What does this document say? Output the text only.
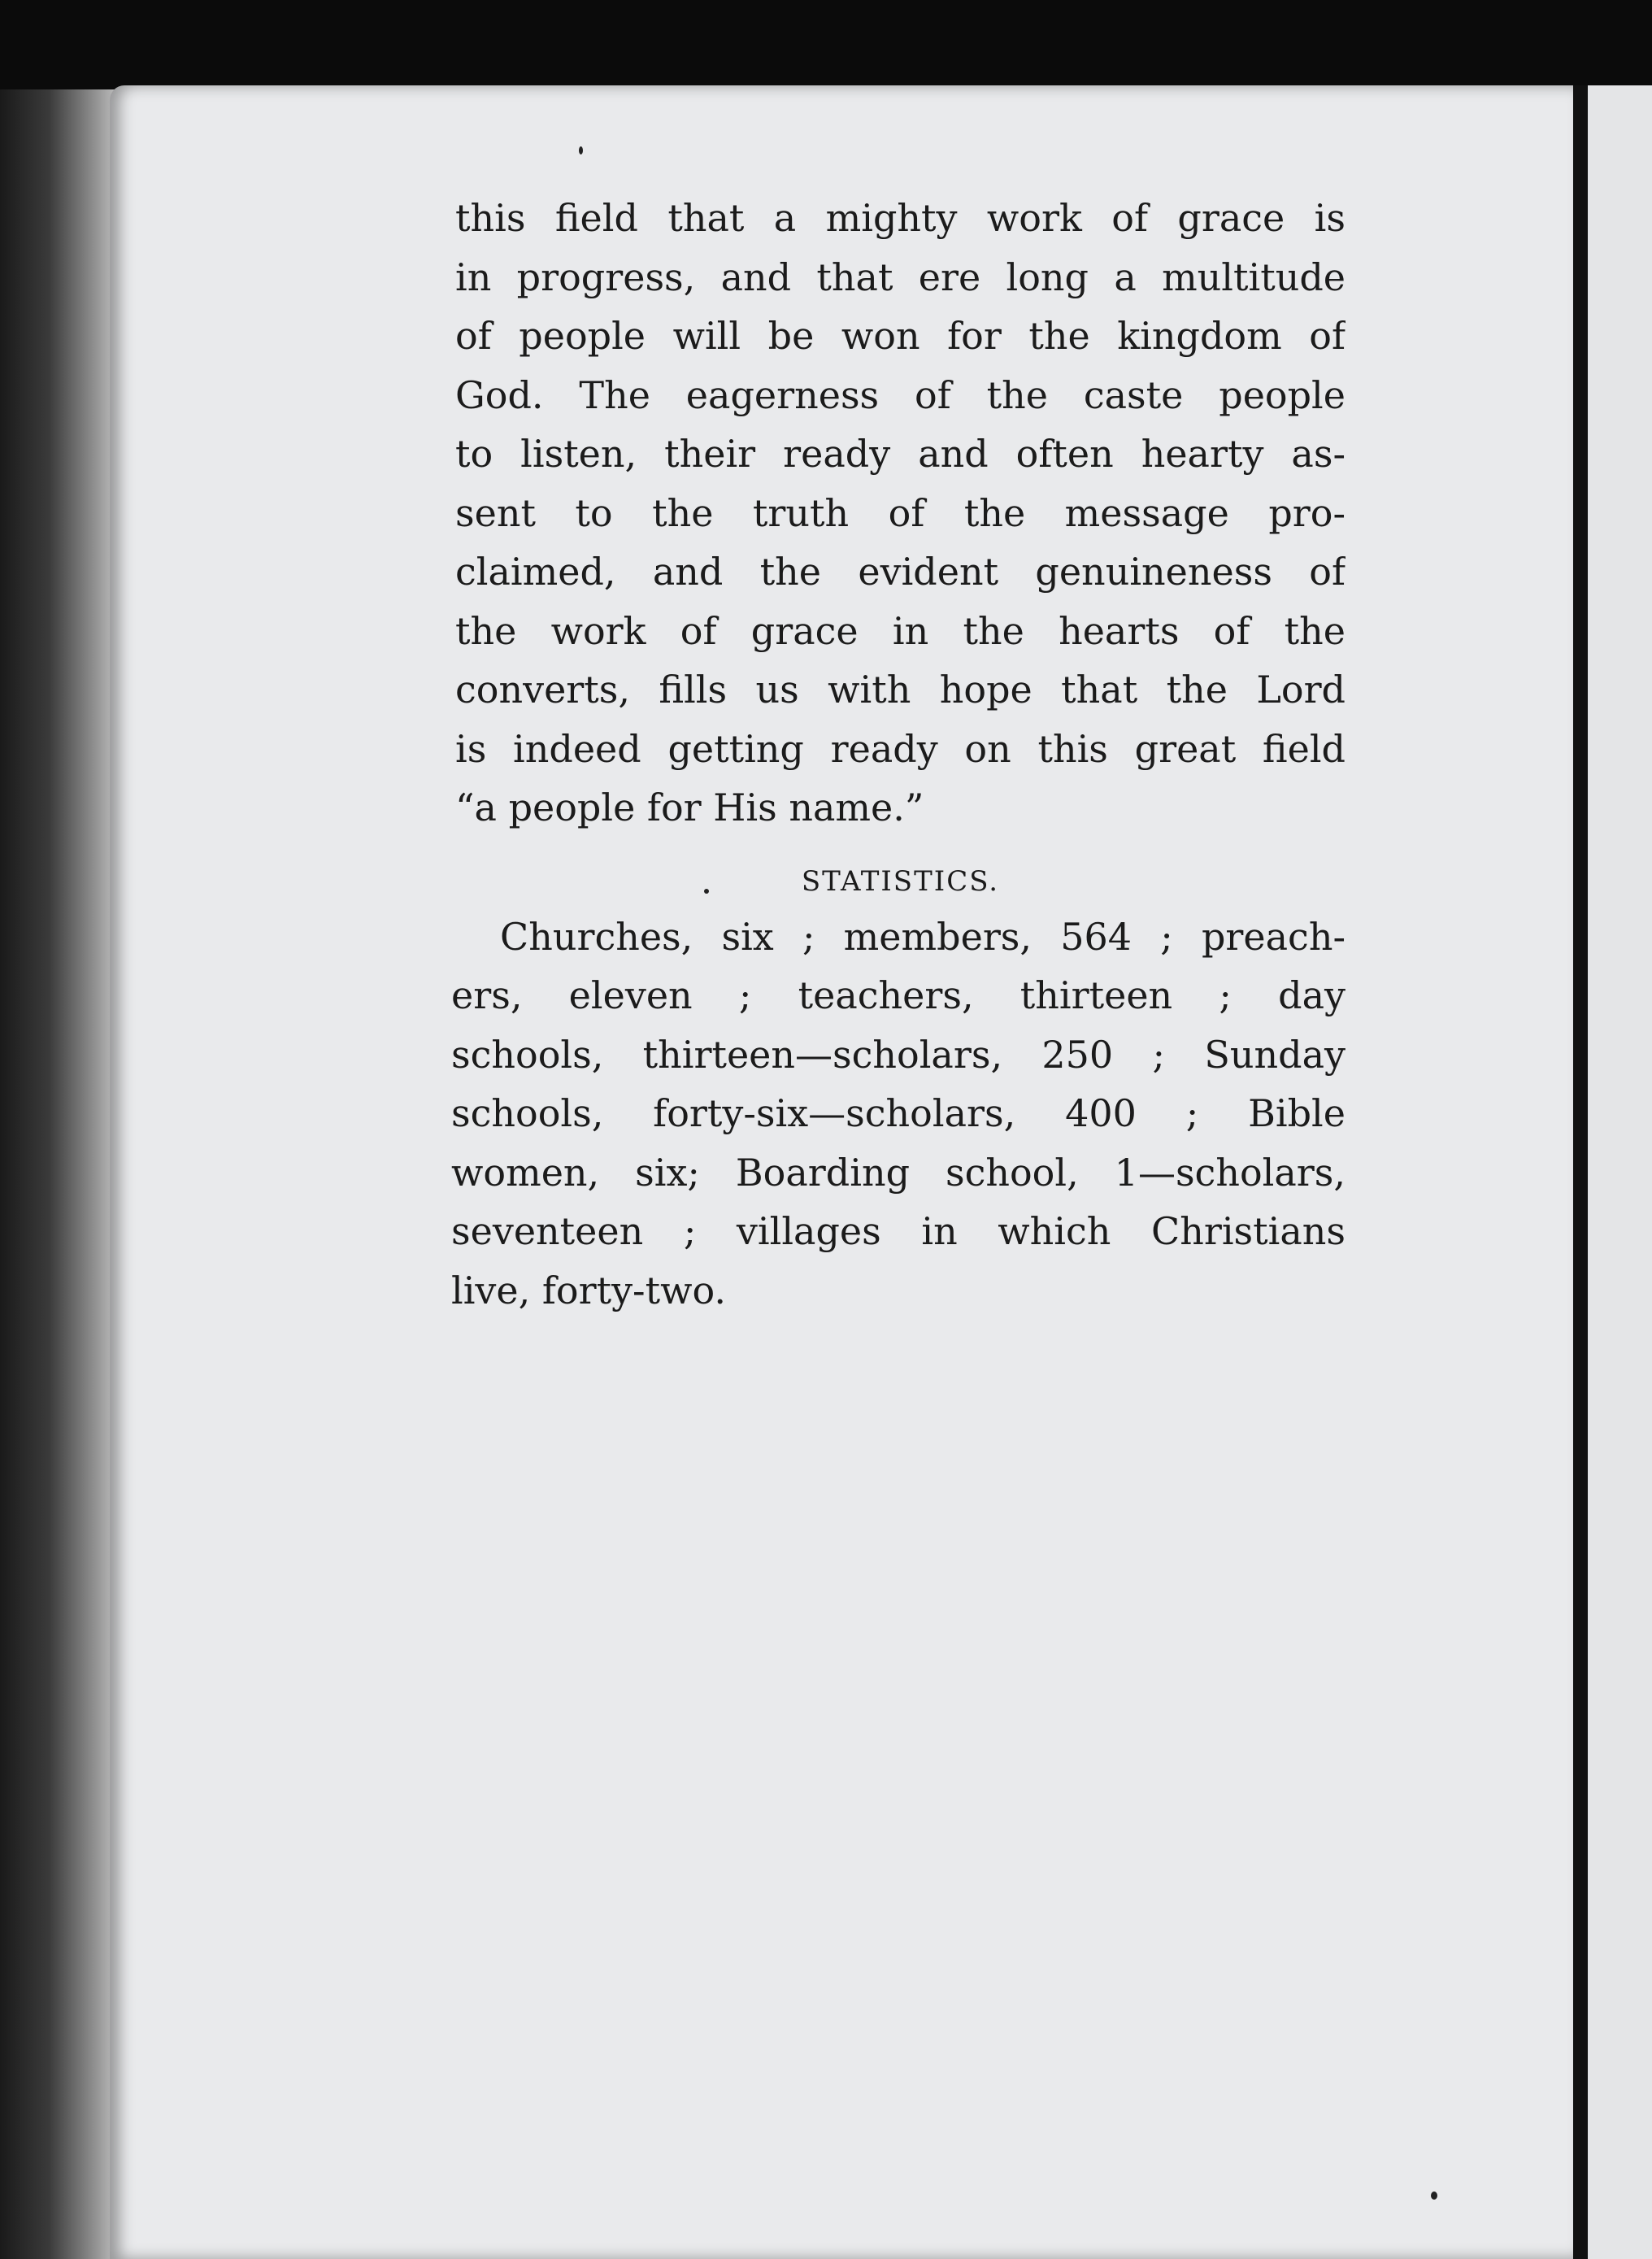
this field that a mighty work of grace is
in progress, and that ere long a multitude
of people will be won for the kingdom of
God. The eagerness of the caste people
to listen, their ready and often hearty as-
sent to the truth of the message pro-
claimed, and the evident genuineness of
the work of grace in the hearts of the
converts, fills us with hope that the Lord
is indeed getting ready on this great field
“a people for His name.”
STATISTICS.
Churches, six ; members, 564 ; preach-
ers, eleven ; teachers, thirteen ; day
schools, thirteen—scholars, 250 ; Sunday
schools, forty-six—scholars, 400 ; Bible
women, six; Boarding school, 1—scholars,
seventeen ; villages in which Christians
live, forty-two.
